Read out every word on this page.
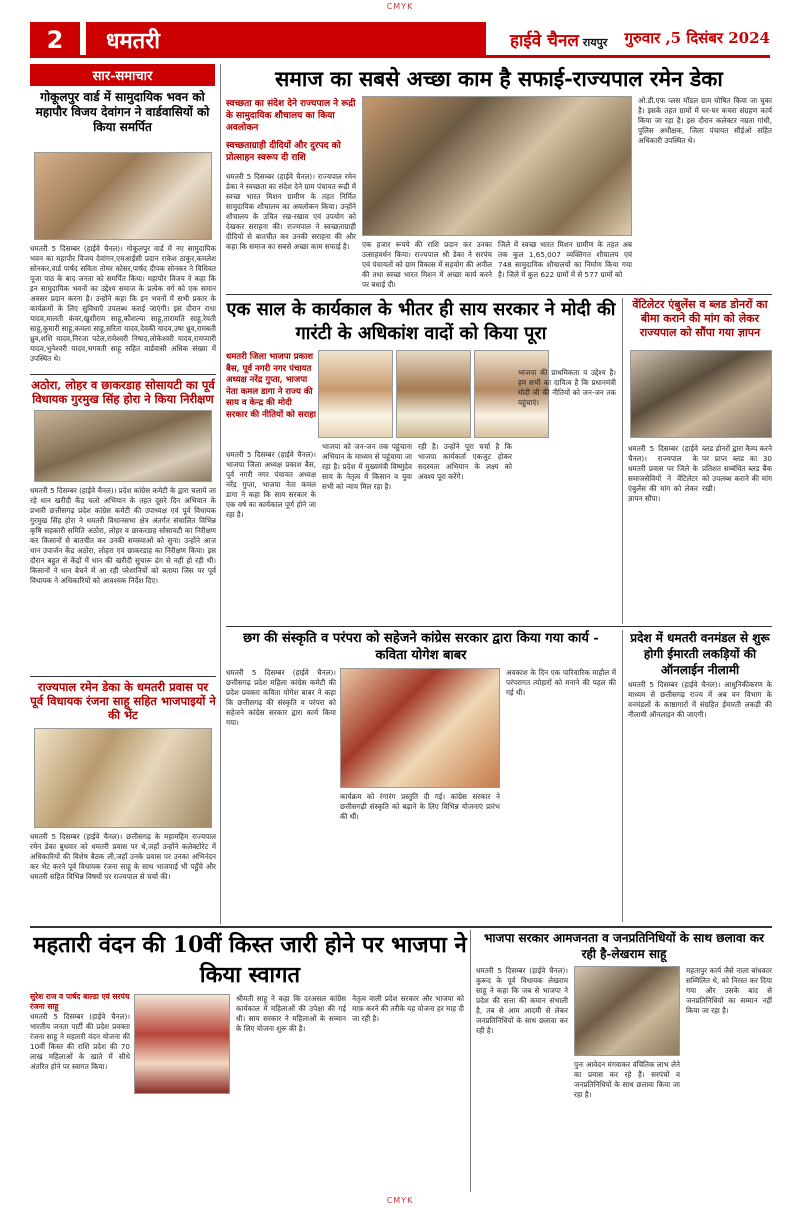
CMYK
2	धमतरी	हाईवे चैनल रायपुर गुरुवार ,5 दिसंबर 2024
सार-समाचार
गोकूलपुर वार्ड में सामुदायिक भवन को महापौर विजय देवांगन ने वार्डवासियों को किया समर्पित
धमतरी 5 दिसम्बर (हाईवे चैनल)। गोकूलपुर वार्ड में नए सामुदायिक भवन का महापौर विजय देवांगन,एमआईसी प्रदान राकेश ठाकुर,कमलेश सोनकर,वार्ड पार्षद सविता तोमर कोसर,पार्षद दीपक सोनकर ने विधिवत पूजा पाठ के बाद जनता को समर्पित किया। महापौर विजय ने कहा कि इन सामुदायिक भवनों का उद्देश्य समाज के प्रत्येक वर्ग को एक समान अवसर प्रदान करना है। उन्होंने कहा कि इन भवनों में सभी प्रकार के कार्यक्रमों के लिए सुविधाएँ उपलब्ध कराई जाएंगी। इस दौरान राधा यादव,मालती कंवर,खुशीराम साहू,कौशल्या साहू,तारामति साहू,रेवती साहू,कुमारी साहू,कमला साहू,सरिता यादव,देवकी यादव,उषा ध्रुव,रामबती ध्रुव,शशि यादव,निरजा पटेल,रामेश्वरी निषाद,लोकेश्वरी यादव,रामप्यारी यादव,भुनेश्वरी यादव,भगवती साहू सहित वार्डवासी अधिक संख्या में उपस्थित थे।
अठोरा, लोहर व छाकरडाह सोसायटी का पूर्व विधायक गुरमुख सिंह होरा ने किया निरीक्षण
धमतरी 5 दिसम्बर (हाईवे चैनल)। प्रदेश कांग्रेस कमेटी के द्वारा चलाये जा रहे धान खरीदी केंद्र चलो अभियान के तहत दूसरे दिन अभियान के प्रभारी छत्तीसगढ़ प्रदेश कांग्रेस कमेटी की उपाध्यक्ष एवं पूर्व विधायक गुरमुख सिंह होरा ने धमतरी विधानसभा क्षेत्र अंतर्गत संचालित विभिन्न कृषि सहकारी समिति अठोरा, लोहर व छाकरडाह सोसायटी का निरीक्षण कर किसानों से बातचीत कर उनकी समस्याओं को सुना। उन्होंने आज धान उपार्जन केंद्र अठोरा, लोहरा एवं छाकरडाह का निरीक्षण किया। इस दौरान बहुत से केंद्रों में धान की खरीदी सुचारू ढंग से नहीं हो रही थी। किसानों ने धान बेचने में आ रही परेशानियों को बताया जिस पर पूर्व विधायक ने अधिकारियों को आवश्यक निर्देश दिए।
राज्यपाल रमेन डेका के धमतरी प्रवास पर पूर्व विधायक रंजना साहू सहित भाजपाइयों ने की भेंट
धमतरी 5 दिसम्बर (हाईवे चैनल)। छत्तीसगढ़ के महामहिम राज्यपाल रमेन डेका बुधवार को धमतरी प्रवास पर थे,जहाँ उन्होंने कलेक्टोरेट में अधिकारियों की विशेष बैठक ली,जहाँ उनके प्रवास पर उनका अभिनंदन कर भेंट करने पूर्व विधायक रंजना साहू के साथ भाजपाई भी पहुँचे और धमतरी सहित विभिन्न विषयों पर राज्यपाल से चर्चा की।
समाज का सबसे अच्छा काम है सफाई-राज्यपाल रमेन डेका
स्वच्छता का संदेश देने राज्यपाल ने रूद्री के सामुदायिक शौचालय का किया अवलोकन
स्वच्छताग्राही दीदियों और दुरपद को प्रोत्साहन स्वरूप दी राशि
धमतरी 5 दिसम्बर (हाईवे चैनल)। राज्यपाल रमेन डेका ने स्वच्छता का संदेश देने ग्राम पंचायत रूद्री में स्वच्छ भारत मिशन ग्रामीण के तहत निर्मित सामुदायिक शौचालय का अवलोकन किया। उन्होंने शौचालय के उचित रख-रखाव एवं उपयोग को देखकर सराहना की। राज्यपाल ने स्वच्छताग्राही दीदियों से बातचीत कर उनकी सराहना की और कहा कि समाज का सबसे अच्छा काम सफाई है।	एक हजार रूपये की राशि प्रदान कर उनका उत्साहवर्धन किया। राज्यपाल श्री डेका ने सरपंच एवं पंचायतों को ग्राम विकास में सहयोग की अपील की तथा स्वच्छ भारत मिशन में अच्छा कार्य करने पर बधाई दी।
जिले में स्वच्छ भारत मिशन ग्रामीण के तहत अब तक कुल 1,65,007 व्यक्तिगत शौचालय एवं 748 सामुदायिक शौचालयों का निर्माण किया गया है। जिले में कुल 622 ग्रामों में से 577 ग्रामों को
ओ.डी.एफ प्लस मॉडल ग्राम घोषित किया जा चुका है। इसके तहत ग्रामों में घर-घर कचरा संग्रहण कार्य किया जा रहा है। इस दौरान कलेक्टर नम्रता गांधी, पुलिस अधीक्षक, जिला पंचायत सीईओ सहित अधिकारी उपस्थित थे।
एक साल के कार्यकाल के भीतर ही साय सरकार ने मोदी की गारंटी के अधिकांश वादों को किया पूरा
धमतरी जिला भाजपा प्रकाश बैस, पूर्व नगरी नगर पंचायत अध्यक्ष नरेंद्र गुप्ता, भाजपा नेता कमल डागा ने राज्य की साय व केन्द्र की मोदी सरकार की नीतियों को सराहा
धमतरी 5 दिसम्बर (हाईवे चैनल)। भाजपा जिला अध्यक्ष प्रकाश बैस, पूर्व नगरी नगर पंचायत अध्यक्ष नरेंद्र गुप्ता, भाजपा नेता कमल डागा ने कहा कि साय सरकार के एक वर्ष का कार्यकाल पूर्ण होने जा रहा है।
भाजपा को जन-जन तक पहुंचाना अभियान के माध्यम से पहुंचाया जा रहा है। प्रदेश में मुख्यमंत्री विष्णुदेव साय के नेतृत्व में किसान व युवा सभी को न्याय मिल रहा है।
रही है। उन्होंने पूरा चर्चा है कि भाजपा कार्यकर्ता एकजुट होकर सदस्यता अभियान के लक्ष्य को अवश्य पूरा करेंगे।
भाजपा की प्राथमिकता व उद्देश्य है। हम सभी का दायित्व है कि प्रधानमंत्री मोदी जी की नीतियों को जन-जन तक पहुंचाएं।
वेंटिलेटर एंबुलेंस व ब्लड डोनरों का बीमा कराने की मांग को लेकर राज्यपाल को सौंपा गया ज्ञापन
धमतरी 5 दिसम्बर (हाईवे चैनल)। राज्यपाल के धमतरी प्रवास पर जिले के समाजसेवियों ने वेंटिलेटर एंबुलेंस की मांग को लेकर ज्ञापन सौंपा।
ब्लड डोनरों द्वारा कैम्प करने पर प्राप्त ब्लड का 30 प्रतिशत सम्बंधित ब्लड बैंक को उपलब्ध कराने की मांग रखी।
छग की संस्कृति व परंपरा को सहेजने कांग्रेस सरकार द्वारा किया गया कार्य - कविता योगेश बाबर
धमतरी 5 दिसम्बर (हाईवे चैनल)। छत्तीसगढ़ प्रदेश महिला कांग्रेस कमेटी की प्रदेश प्रवक्ता कविता योगेश बाबर ने कहा कि छत्तीसगढ़ की संस्कृति व परंपरा को सहेजने कांग्रेस सरकार द्वारा कार्य किया गया।
कार्यक्रम को रंगारंग प्रस्तुति दी गई। कांग्रेस सरकार ने छत्तीसगढ़ी संस्कृति को बढ़ाने के लिए विभिन्न योजनाएं प्रारंभ की थीं।
अवकाश के दिन एक पारिवारिक माहौल में परंपरागत त्योहारों को मनाने की पहल की गई थी।
प्रदेश में धमतरी वनमंडल से शुरू होगी ईमारती लकड़ियों की ऑनलाईन नीलामी
धमतरी 5 दिसम्बर (हाईवे चैनल)। आधुनिकीकरण के माध्यम से छत्तीसगढ़ राज्य में अब वन विभाग के वनमंडलों के काष्ठागारों में संग्रहित ईमारती लकड़ी की नीलामी ऑनलाइन की जाएगी।
महतारी वंदन की 10वीं किस्त जारी होने पर भाजपा ने किया स्वागत
सुरेश राज व पार्षद बाल्डा एवं सरपंच रंजना साहू
धमतरी 5 दिसम्बर (हाईवे चैनल)। भारतीय जनता पार्टी की प्रदेश प्रवक्ता रंजना साहू ने महतारी वंदन योजना की 10वीं किस्त की राशि प्रदेश की 70 लाख महिलाओं के खाते में सीधे अंतरित होने पर स्वागत किया।
श्रीमती साहू ने कहा कि दरअसल कांग्रेस कार्यकाल में महिलाओं की उपेक्षा की गई थी। साय सरकार ने महिलाओं के सम्मान के लिए योजना शुरू की है।
नेतृत्व वाली प्रदेश सरकार और भाजपा को माफ़ करने की तरीके यह योजना हर माह दी जा रही है।
भाजपा सरकार आमजनता व जनप्रतिनिधियों के साथ छलावा कर रही है-लेखराम साहू
धमतरी 5 दिसम्बर (हाईवे चैनल)। कुरूद के पूर्व विधायक लेखराम साहू ने कहा कि जब से भाजपा ने प्रदेश की सत्ता की कमान संभाली है, तब से आम आदमी से लेकर जनप्रतिनिधियों के साथ छलावा कर रही है।
पुनः आवेदन मंगवाकर वंचितिक लाभ लेने का प्रयास कर रहे हैं। सरपंचों व जनप्रतिनिधियों के साथ छलावा किया जा रहा है।
महतापुर कार्य जैसे नाला बांधकार सम्मिलित थे, को निरस्त कर दिया गया और उसके बाद से जनप्रतिनिधियों का सम्मान नहीं किया जा रहा है।
CMYK
